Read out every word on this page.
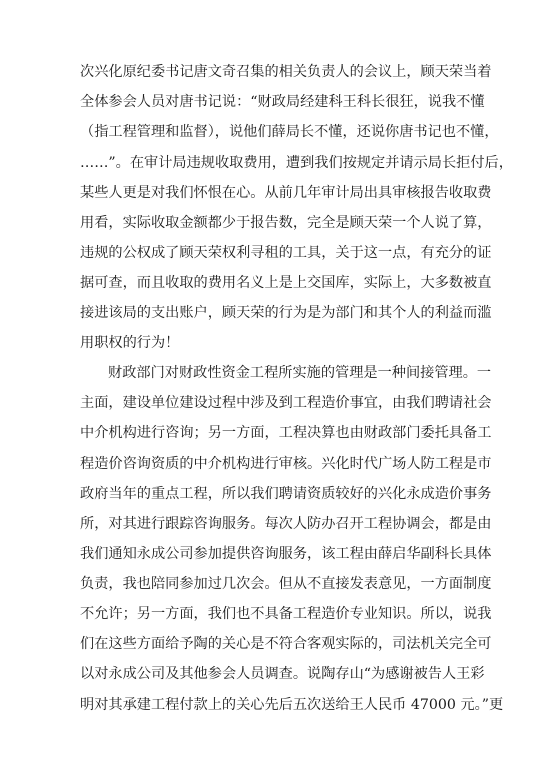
次兴化原纪委书记唐文奇召集的相关负责人的会议上，顾天荣当着
全体参会人员对唐书记说：“财政局经建科王科长很狂，说我不懂
（指工程管理和监督），说他们薛局长不懂，还说你唐书记也不懂，
……”。在审计局违规收取费用，遭到我们按规定并请示局长拒付后，
某些人更是对我们怀恨在心。从前几年审计局出具审核报告收取费
用看，实际收取金额都少于报告数，完全是顾天荣一个人说了算，
违规的公权成了顾天荣权利寻租的工具，关于这一点，有充分的证
据可查，而且收取的费用名义上是上交国库，实际上，大多数被直
接进该局的支出账户，顾天荣的行为是为部门和其个人的利益而滥
用职权的行为！
财政部门对财政性资金工程所实施的管理是一种间接管理。一
主面，建设单位建设过程中涉及到工程造价事宜，由我们聘请社会
中介机构进行咨询；另一方面，工程决算也由财政部门委托具备工
程造价咨询资质的中介机构进行审核。兴化时代广场人防工程是市
政府当年的重点工程，所以我们聘请资质较好的兴化永成造价事务
所，对其进行跟踪咨询服务。每次人防办召开工程协调会，都是由
我们通知永成公司参加提供咨询服务，该工程由薛启华副科长具体
负责，我也陪同参加过几次会。但从不直接发表意见，一方面制度
不允许；另一方面，我们也不具备工程造价专业知识。所以，说我
们在这些方面给予陶的关心是不符合客观实际的，司法机关完全可
以对永成公司及其他参会人员调查。说陶存山“为感谢被告人王彩
明对其承建工程付款上的关心先后五次送给王人民币 47000 元。”更
